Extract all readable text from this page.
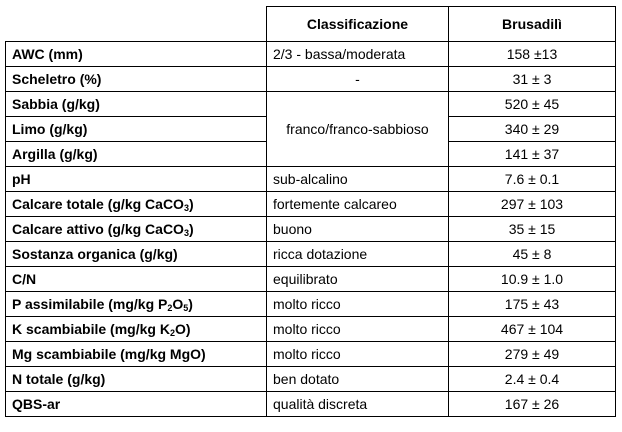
	Classificazione	Brusadilì
AWC (mm)	2/3 - bassa/moderata	158 ±13
Scheletro (%)	-	31 ± 3
Sabbia (g/kg)	franco/franco-sabbioso	520 ± 45
Limo (g/kg)		340 ± 29
Argilla (g/kg)		141 ± 37
pH	sub-alcalino	7.6 ± 0.1
Calcare totale (g/kg CaCO$_3$)	fortemente calcareo	297 ± 103
Calcare attivo (g/kg CaCO$_3$)	buono	35 ± 15
Sostanza organica (g/kg)	ricca dotazione	45 ± 8
C/N	equilibrato	10.9 ± 1.0
P assimilabile (mg/kg $P_2O_5$)	molto ricco	175 ± 43
K scambiabile (mg/kg $K_2O$)	molto ricco	467 ± 104
Mg scambiabile (mg/kg MgO)	molto ricco	279 ± 49
N totale (g/kg)	ben dotato	2.4 ± 0.4
QBS-ar	qualità discreta	167 ± 26
